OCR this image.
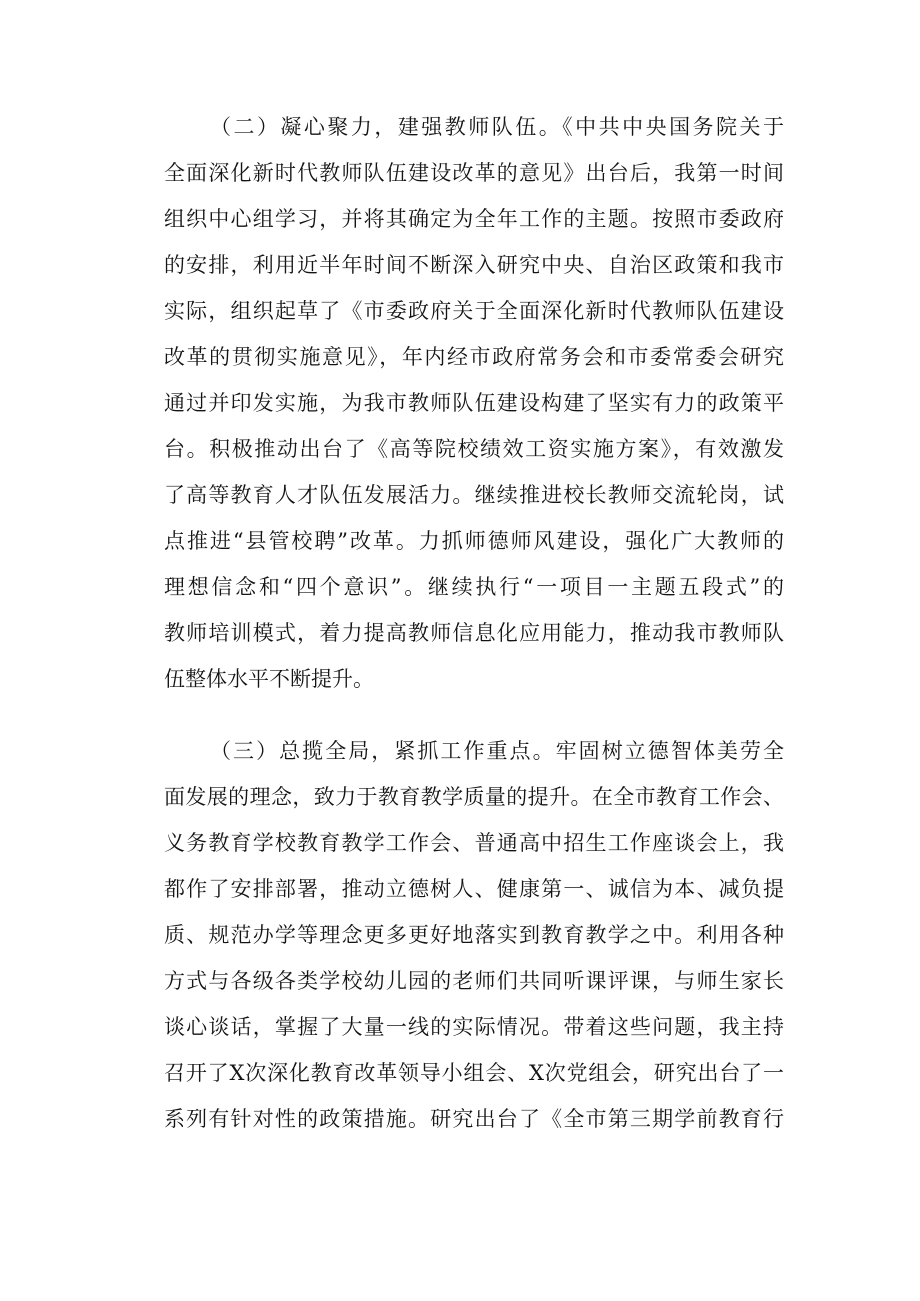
（二）凝心聚力，建强教师队伍。《中共中央国务院关于
全面深化新时代教师队伍建设改革的意见》出台后，我第一时间
组织中心组学习，并将其确定为全年工作的主题。按照市委政府
的安排，利用近半年时间不断深入研究中央、自治区政策和我市
实际，组织起草了《市委政府关于全面深化新时代教师队伍建设
改革的贯彻实施意见》，年内经市政府常务会和市委常委会研究
通过并印发实施，为我市教师队伍建设构建了坚实有力的政策平
台。积极推动出台了《高等院校绩效工资实施方案》，有效激发
了高等教育人才队伍发展活力。继续推进校长教师交流轮岗，试
点推进“县管校聘”改革。力抓师德师风建设，强化广大教师的
理想信念和“四个意识”。继续执行“一项目一主题五段式”的
教师培训模式，着力提高教师信息化应用能力，推动我市教师队
伍整体水平不断提升。
（三）总揽全局，紧抓工作重点。牢固树立德智体美劳全
面发展的理念，致力于教育教学质量的提升。在全市教育工作会、
义务教育学校教育教学工作会、普通高中招生工作座谈会上，我
都作了安排部署，推动立德树人、健康第一、诚信为本、减负提
质、规范办学等理念更多更好地落实到教育教学之中。利用各种
方式与各级各类学校幼儿园的老师们共同听课评课，与师生家长
谈心谈话，掌握了大量一线的实际情况。带着这些问题，我主持
召开了X次深化教育改革领导小组会、X次党组会，研究出台了一
系列有针对性的政策措施。研究出台了《全市第三期学前教育行
